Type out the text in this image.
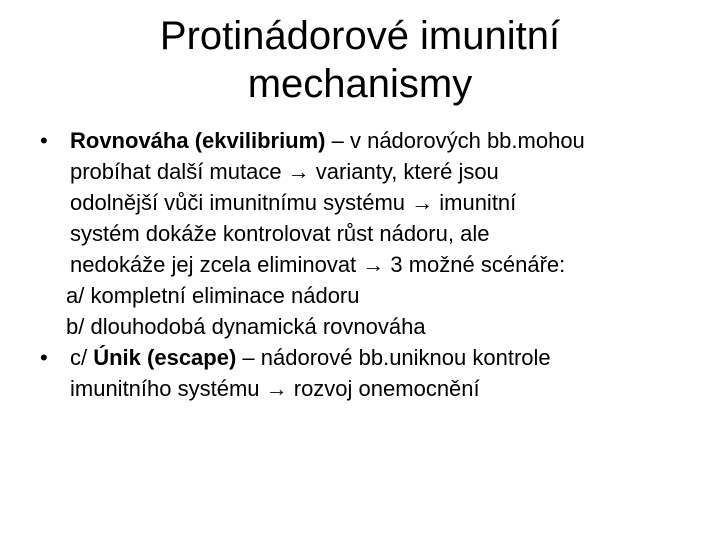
Protinádorové imunitní
mechanismy
•	Rovnováha (ekvilibrium) – v nádorových bb.mohou
probíhat další mutace → varianty, které jsou
odolnější vůči imunitnímu systému → imunitní
systém dokáže kontrolovat růst nádoru, ale
nedokáže jej zcela eliminovat → 3 možné scénáře:
a/ kompletní eliminace nádoru
b/ dlouhodobá dynamická rovnováha
•	c/ Únik (escape) – nádorové bb.uniknou kontrole
imunitního systému → rozvoj onemocnění
